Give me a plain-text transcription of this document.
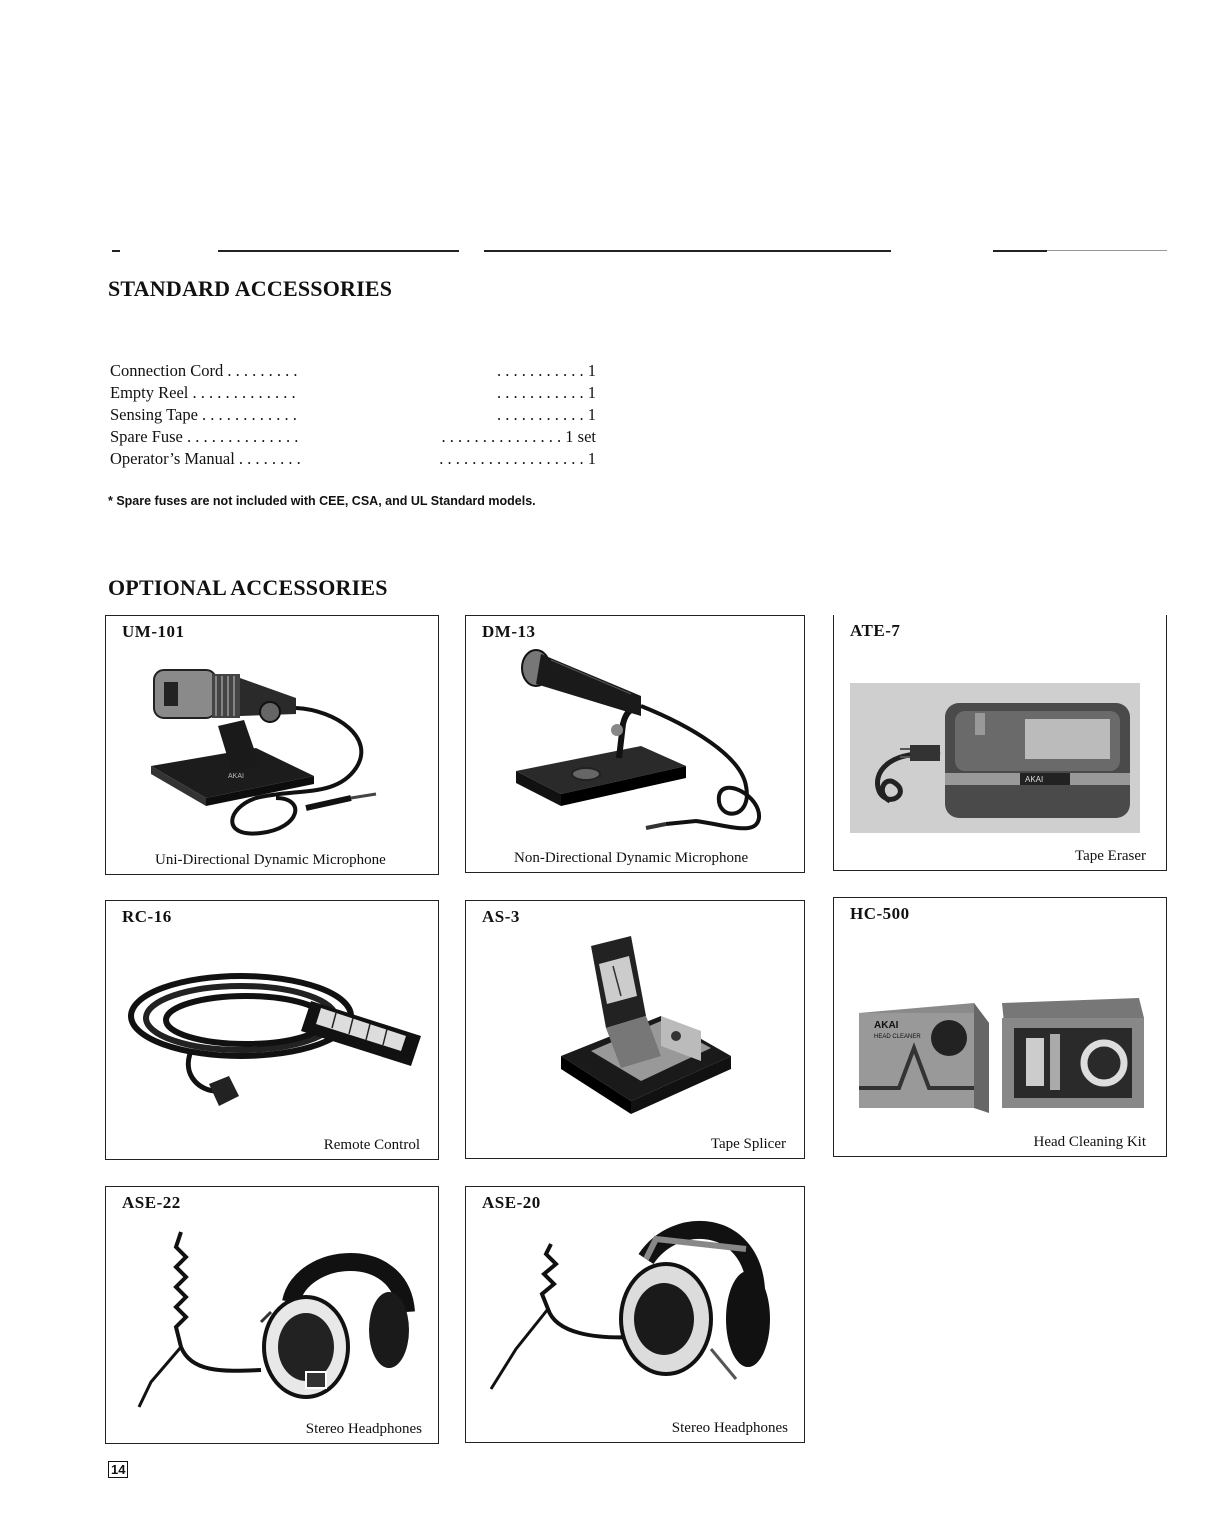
STANDARD ACCESSORIES
Connection Cord . . . . . . . . .	. . . . . . . . . . . 1
Empty Reel . . . . . . . . . . . . .	. . . . . . . . . . . 1
Sensing Tape . . . . . . . . . . . .	. . . . . . . . . . . 1
Spare Fuse . . . . . . . . . . . . . .	. . . . . . . . . . . . . . . 1 set
Operator’s Manual . . . . . . . .	. . . . . . . . . . . . . . . . . . 1
* Spare fuses are not included with CEE, CSA, and UL Standard models.
OPTIONAL ACCESSORIES
UM-101
AKAI
Uni-Directional Dynamic Microphone
DM-13
Non-Directional Dynamic Microphone
ATE-7
AKAI
Tape Eraser
RC-16
Remote Control
AS-3
Tape Splicer
HC-500
AKAI
HEAD CLEANER
Head Cleaning Kit
ASE-22
Stereo Headphones
ASE-20
Stereo Headphones
14
